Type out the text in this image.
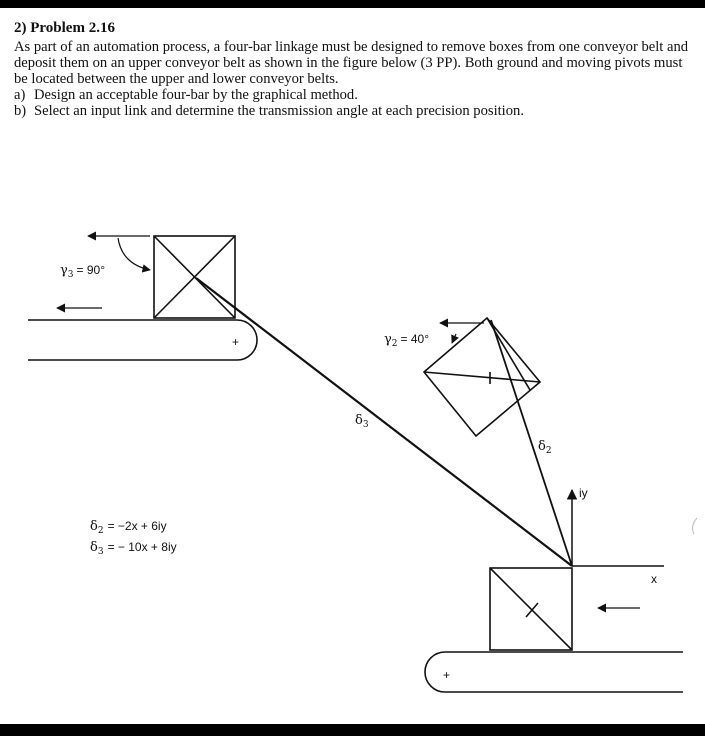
2) Problem 2.16

As part of an automation process, a four-bar linkage must be designed to remove boxes from one conveyor belt and deposit them on an upper conveyor belt as shown in the figure below (3 PP). Both ground and moving pivots must be located between the upper and lower conveyor belts.

a) Design an acceptable four-bar by the graphical method.

b) Select an input link and determine the transmission angle at each precision position.

+
$\gamma_3 = 90^\circ$
$\delta_3$
$\gamma_2 = 40^\circ$
$\delta_2$
iy
x
+
$\delta_2 = -2x + 6iy$
$\delta_3$ = − 10x + 8iy
